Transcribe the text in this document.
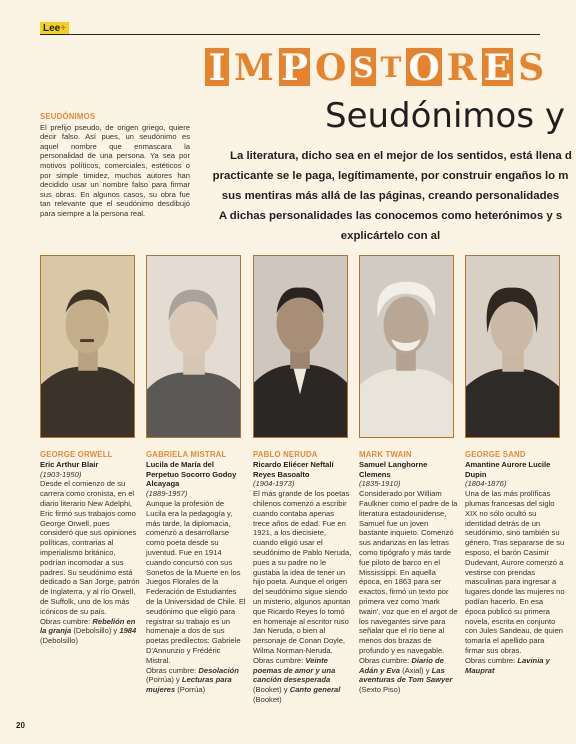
Lee+
I M P O S T O R E S
Seudónimos y
SEUDÓNIMOS
El prefijo pseudo, de origen griego, quiere decir falso. Así pues, un seudónimo es aquel nombre que enmascara la personalidad de una persona. Ya sea por motivos políticos, comerciales, estéticos o por simple timidez, muchos autores han decidido usar un nombre falso para firmar sus obras. En algunos casos, su obra fue tan relevante que el seudónimo desdibujó para siempre a la persona real.
La literatura, dicho sea en el mejor de los sentidos, está llena d
practicante se le paga, legítimamente, por construir engaños lo m
sus mentiras más allá de las páginas, creando personalidades
A dichas personalidades las conocemos como heterónimos y s
explicártelo con al
GEORGE ORWELL
Eric Arthur Blair
(1903-1950)
Desde el comienzo de su carrera como cronista, en el diario literario New Adelphi, Eric firmó sus trabajos como George Orwell, pues consideró que sus opiniones políticas, contrarias al imperialismo británico, podrían incomodar a sus padres. Su seudónimo está dedicado a San Jorge, patrón de Inglaterra, y al río Orwell, de Suffolk, uno de los más icónicos de su país.
Obras cumbre: Rebelión en la granja (Debolsillo) y 1984 (Debolsillo)
GABRIELA MISTRAL
Lucila de María del Perpetuo Socorro Godoy Alcayaga
(1889-1957)
Aunque la profesión de Lucila era la pedagogía y, más tarde, la diplomacia, comenzó a desarrollarse como poeta desde su juventud. Fue en 1914 cuando concursó con sus Sonetos de la Muerte en los Juegos Florales de la Federación de Estudiantes de la Universidad de Chile. El seudónimo que eligió para registrar su trabajo es un homenaje a dos de sus poetas predilectos: Gabriele D'Annunzio y Frédéric Mistral.
Obras cumbre: Desolación (Porrúa) y Lecturas para mujeres (Porrúa)
PABLO NERUDA
Ricardo Eliécer Neftalí Reyes Basoalto
(1904-1973)
El más grande de los poetas chilenos comenzó a escribir cuando contaba apenas trece años de edad. Fue en 1921, a los diecisiete, cuando eligió usar el seudónimo de Pablo Neruda, pues a su padre no le gustaba la idea de tener un hijo poeta. Aunque el origen del seudónimo sigue siendo un misterio, algunos apuntan que Ricardo Reyes lo tomó en homenaje al escritor ruso Jan Neruda, o bien al personaje de Conan Doyle, Wilma Norman-Neruda.
Obras cumbre: Veinte poemas de amor y una canción desesperada (Booket) y Canto general (Booket)
MARK TWAIN
Samuel Langhorne Clemens
(1835-1910)
Considerado por William Faulkner como el padre de la literatura estadounidense, Samuel fue un joven bastante inquieto. Comenzó sus andanzas en las letras como tipógrafo y más tarde fue piloto de barco en el Mississippi. En aquella época, en 1863 para ser exactos, firmó un texto por primera vez como 'mark twain', voz que en el argot de los navegantes sirve para señalar que el río tiene al menos dos brazas de profundo y es navegable.
Obras cumbre: Diario de Adán y Eva (Axial) y Las aventuras de Tom Sawyer (Sexto Piso)
GEORGE SAND
Amantine Aurore Lucile Dupin
(1804-1876)
Una de las más prolíficas plumas francesas del siglo XIX no sólo ocultó su identidad detrás de un seudónimo, sino también su género. Tras separarse de su esposo, el barón Casimir Dudevant, Aurore comenzó a vestirse con prendas masculinas para ingresar a lugares donde las mujeres no podían hacerlo. En esa época publicó su primera novela, escrita en conjunto con Jules Sandeau, de quien tomaría el apellido para firmar sus obras.
Obras cumbre: Lavinia y Mauprat
20
